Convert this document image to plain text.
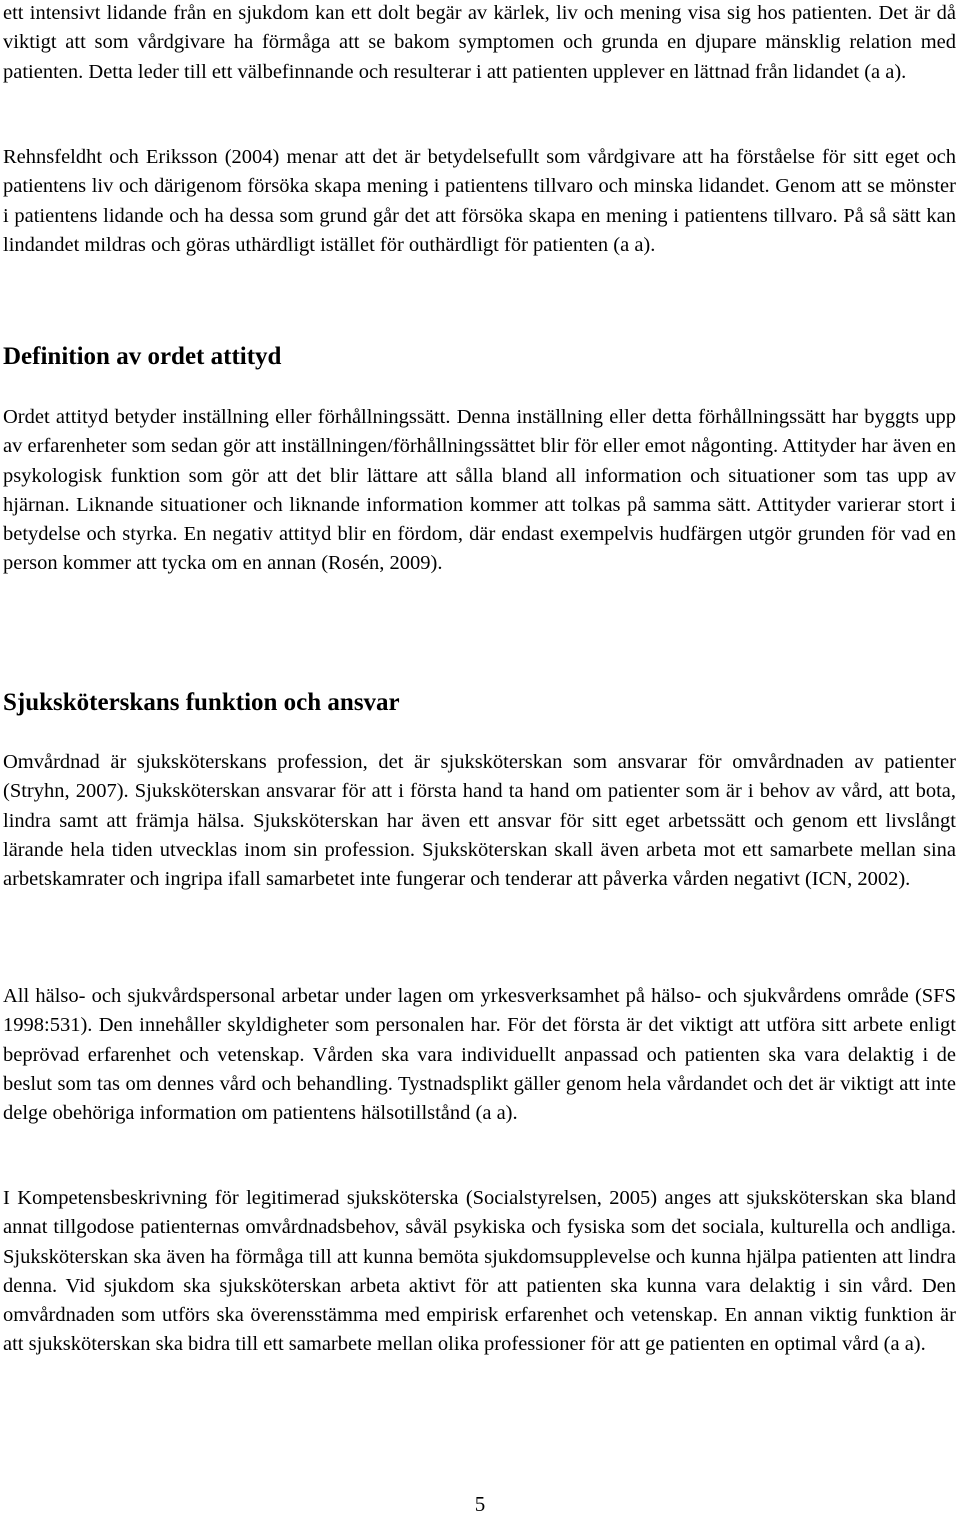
ett intensivt lidande från en sjukdom kan ett dolt begär av kärlek, liv och mening visa sig hos patienten. Det är då viktigt att som vårdgivare ha förmåga att se bakom symptomen och grunda en djupare mänsklig relation med patienten. Detta leder till ett välbefinnande och resulterar i att patienten upplever en lättnad från lidandet (a a).

Rehnsfeldht och Eriksson (2004) menar att det är betydelsefullt som vårdgivare att ha förståelse för sitt eget och patientens liv och därigenom försöka skapa mening i patientens tillvaro och minska lidandet. Genom att se mönster i patientens lidande och ha dessa som grund går det att försöka skapa en mening i patientens tillvaro. På så sätt kan lindandet mildras och göras uthärdligt istället för outhärdligt för patienten (a a).

Definition av ordet attityd

Ordet attityd betyder inställning eller förhållningssätt. Denna inställning eller detta förhållningssätt har byggts upp av erfarenheter som sedan gör att inställningen/förhållningssättet blir för eller emot någonting. Attityder har även en psykologisk funktion som gör att det blir lättare att sålla bland all information och situationer som tas upp av hjärnan. Liknande situationer och liknande information kommer att tolkas på samma sätt. Attityder varierar stort i betydelse och styrka. En negativ attityd blir en fördom, där endast exempelvis hudfärgen utgör grunden för vad en person kommer att tycka om en annan (Rosén, 2009).

Sjuksköterskans funktion och ansvar

Omvårdnad är sjuksköterskans profession, det är sjuksköterskan som ansvarar för omvårdnaden av patienter (Stryhn, 2007). Sjuksköterskan ansvarar för att i första hand ta hand om patienter som är i behov av vård, att bota, lindra samt att främja hälsa. Sjuksköterskan har även ett ansvar för sitt eget arbetssätt och genom ett livslångt lärande hela tiden utvecklas inom sin profession. Sjuksköterskan skall även arbeta mot ett samarbete mellan sina arbetskamrater och ingripa ifall samarbetet inte fungerar och tenderar att påverka vården negativt (ICN, 2002).

All hälso- och sjukvårdspersonal arbetar under lagen om yrkesverksamhet på hälso- och sjukvårdens område (SFS 1998:531). Den innehåller skyldigheter som personalen har. För det första är det viktigt att utföra sitt arbete enligt beprövad erfarenhet och vetenskap. Vården ska vara individuellt anpassad och patienten ska vara delaktig i de beslut som tas om dennes vård och behandling. Tystnadsplikt gäller genom hela vårdandet och det är viktigt att inte delge obehöriga information om patientens hälsotillstånd (a a).

I Kompetensbeskrivning för legitimerad sjuksköterska (Socialstyrelsen, 2005) anges att sjuksköterskan ska bland annat tillgodose patienternas omvårdnadsbehov, såväl psykiska och fysiska som det sociala, kulturella och andliga. Sjuksköterskan ska även ha förmåga till att kunna bemöta sjukdomsupplevelse och kunna hjälpa patienten att lindra denna. Vid sjukdom ska sjuksköterskan arbeta aktivt för att patienten ska kunna vara delaktig i sin vård. Den omvårdnaden som utförs ska överensstämma med empirisk erfarenhet och vetenskap. En annan viktig funktion är att sjuksköterskan ska bidra till ett samarbete mellan olika professioner för att ge patienten en optimal vård (a a).

5
